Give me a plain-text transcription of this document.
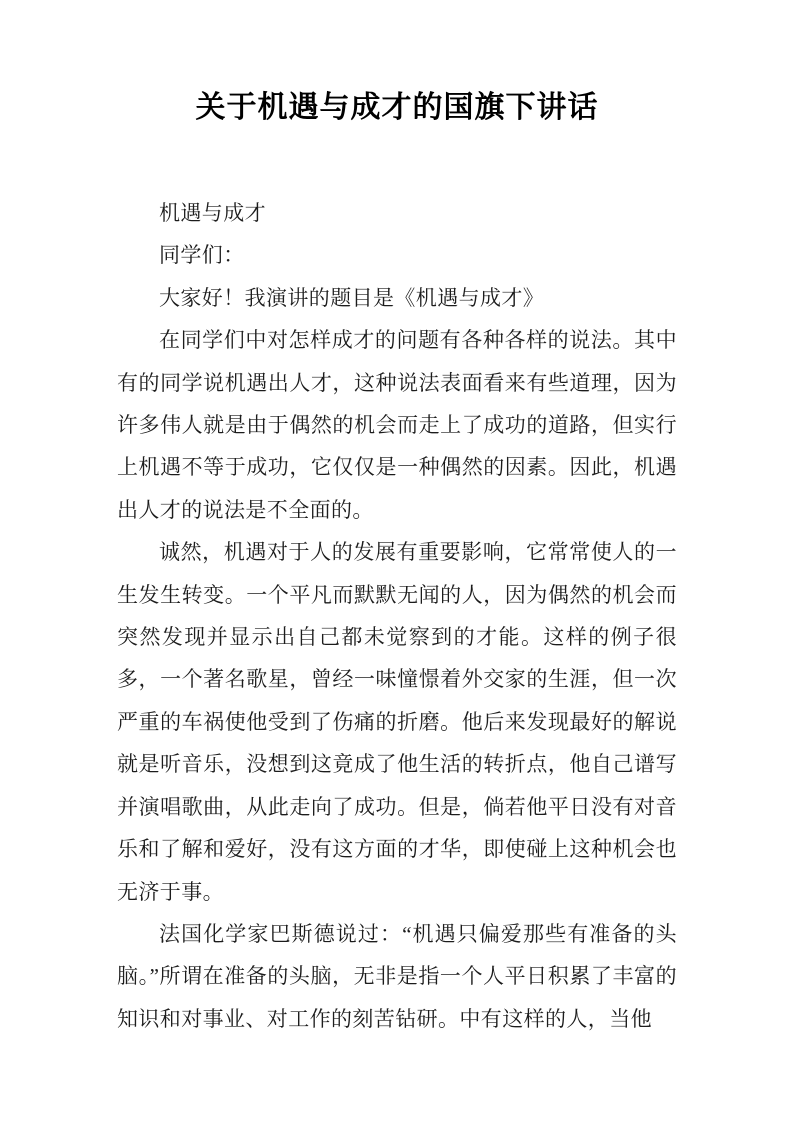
关于机遇与成才的国旗下讲话

机遇与成才

同学们：

大家好！我演讲的题目是《机遇与成才》

在同学们中对怎样成才的问题有各种各样的说法。其中有的同学说机遇出人才，这种说法表面看来有些道理，因为许多伟人就是由于偶然的机会而走上了成功的道路，但实行上机遇不等于成功，它仅仅是一种偶然的因素。因此，机遇出人才的说法是不全面的。

诚然，机遇对于人的发展有重要影响，它常常使人的一生发生转变。一个平凡而默默无闻的人，因为偶然的机会而突然发现并显示出自己都未觉察到的才能。这样的例子很多，一个著名歌星，曾经一味憧憬着外交家的生涯，但一次严重的车祸使他受到了伤痛的折磨。他后来发现最好的解说就是听音乐，没想到这竟成了他生活的转折点，他自己谱写并演唱歌曲，从此走向了成功。但是，倘若他平日没有对音乐和了解和爱好，没有这方面的才华，即使碰上这种机会也无济于事。

法国化学家巴斯德说过：“机遇只偏爱那些有准备的头脑。”所谓在准备的头脑，无非是指一个人平日积累了丰富的知识和对事业、对工作的刻苦钻研。中有这样的人，当他
